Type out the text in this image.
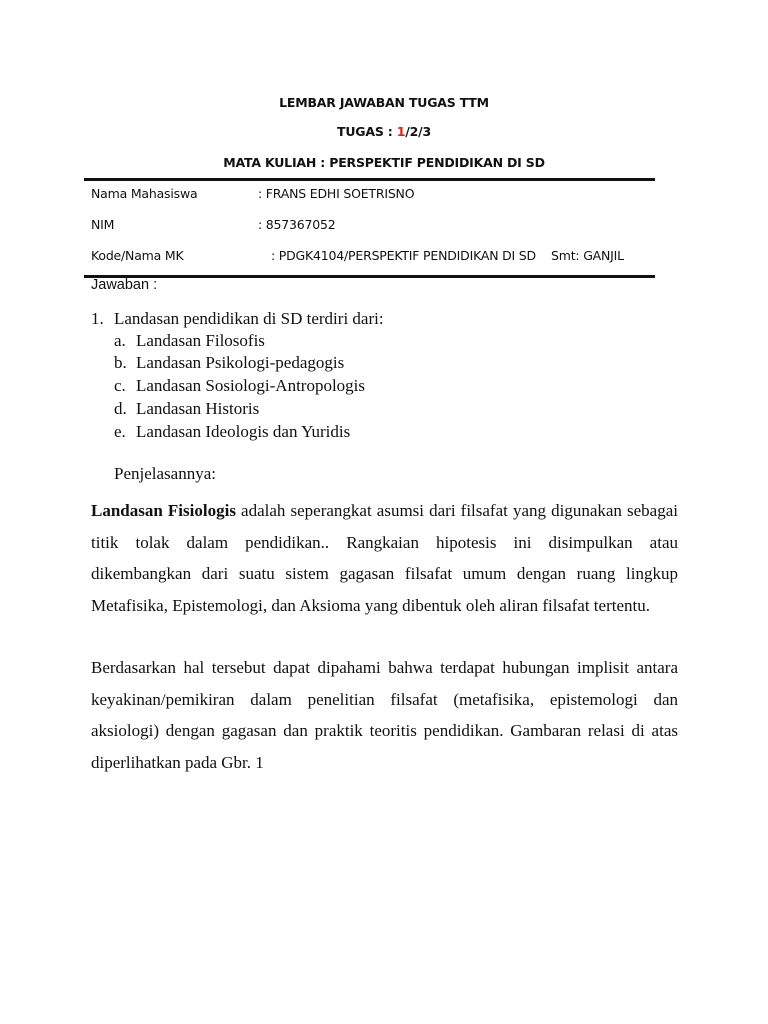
LEMBAR JAWABAN TUGAS TTM
TUGAS : 1/2/3
MATA KULIAH : PERSPEKTIF PENDIDIKAN DI SD
Nama Mahasiswa	: FRANS EDHI SOETRISNO
NIM	: 857367052
Kode/Nama MK	: PDGK4104/PERSPEKTIF PENDIDIKAN DI SD Smt: GANJIL
Jawaban :
1. Landasan pendidikan di SD terdiri dari:
a. Landasan Filosofis
b. Landasan Psikologi-pedagogis
c. Landasan Sosiologi-Antropologis
d. Landasan Historis
e. Landasan Ideologis dan Yuridis
Penjelasannya:
Landasan Fisiologis adalah seperangkat asumsi dari filsafat yang digunakan sebagai titik tolak dalam pendidikan.. Rangkaian hipotesis ini disimpulkan atau dikembangkan dari suatu sistem gagasan filsafat umum dengan ruang lingkup Metafisika, Epistemologi, dan Aksioma yang dibentuk oleh aliran filsafat tertentu.
Berdasarkan hal tersebut dapat dipahami bahwa terdapat hubungan implisit antara keyakinan/pemikiran dalam penelitian filsafat (metafisika, epistemologi dan aksiologi) dengan gagasan dan praktik teoritis pendidikan. Gambaran relasi di atas diperlihatkan pada Gbr. 1
